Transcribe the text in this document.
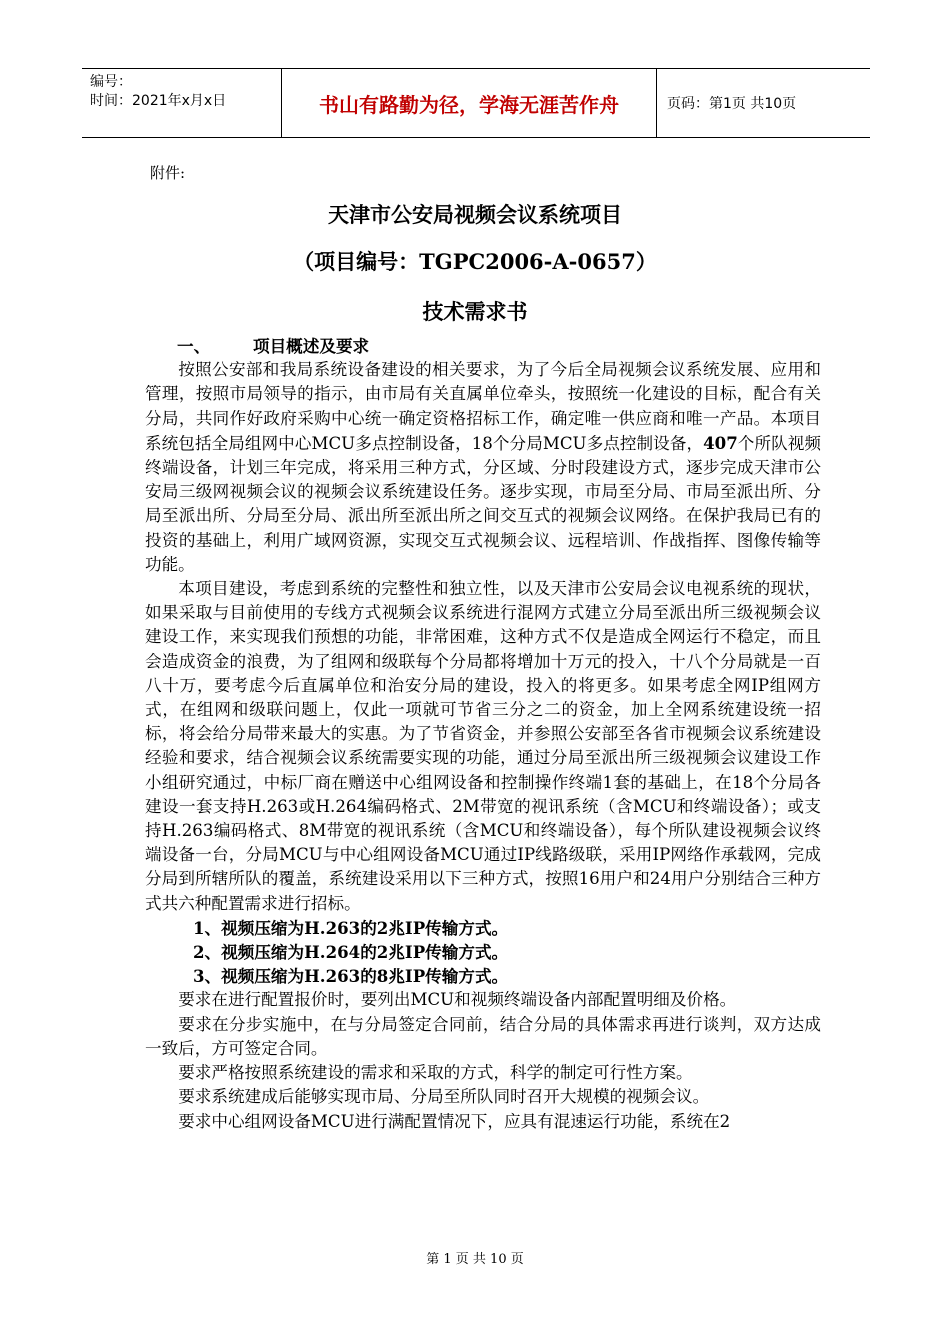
编号：
时间：2021年x月x日	书山有路勤为径，学海无涯苦作舟	页码：第1页 共10页
附件:
天津市公安局视频会议系统项目
（项目编号：TGPC2006-A-0657）
技术需求书

一、	项目概述及要求

按照公安部和我局系统设备建设的相关要求，为了今后全局视频会议系统发展、应用和管理，按照市局领导的指示，由市局有关直属单位牵头，按照统一化建设的目标，配合有关分局，共同作好政府采购中心统一确定资格招标工作，确定唯一供应商和唯一产品。本项目系统包括全局组网中心MCU多点控制设备，18个分局MCU多点控制设备，407个所队视频终端设备，计划三年完成，将采用三种方式，分区域、分时段建设方式，逐步完成天津市公安局三级网视频会议的视频会议系统建设任务。逐步实现，市局至分局、市局至派出所、分局至派出所、分局至分局、派出所至派出所之间交互式的视频会议网络。在保护我局已有的投资的基础上，利用广域网资源，实现交互式视频会议、远程培训、作战指挥、图像传输等功能。

本项目建设，考虑到系统的完整性和独立性，以及天津市公安局会议电视系统的现状，如果采取与目前使用的专线方式视频会议系统进行混网方式建立分局至派出所三级视频会议建设工作，来实现我们预想的功能，非常困难，这种方式不仅是造成全网运行不稳定，而且会造成资金的浪费，为了组网和级联每个分局都将增加十万元的投入，十八个分局就是一百八十万，要考虑今后直属单位和治安分局的建设，投入的将更多。如果考虑全网IP组网方式，在组网和级联问题上，仅此一项就可节省三分之二的资金，加上全网系统建设统一招标，将会给分局带来最大的实惠。为了节省资金，并参照公安部至各省市视频会议系统建设经验和要求，结合视频会议系统需要实现的功能，通过分局至派出所三级视频会议建设工作小组研究通过，中标厂商在赠送中心组网设备和控制操作终端1套的基础上，在18个分局各建设一套支持H.263或H.264编码格式、2M带宽的视讯系统（含MCU和终端设备）；或支持H.263编码格式、8M带宽的视讯系统（含MCU和终端设备），每个所队建设视频会议终端设备一台，分局MCU与中心组网设备MCU通过IP线路级联，采用IP网络作承载网，完成分局到所辖所队的覆盖，系统建设采用以下三种方式，按照16用户和24用户分别结合三种方式共六种配置需求进行招标。

1、视频压缩为H.263的2兆IP传输方式。

2、视频压缩为H.264的2兆IP传输方式。

3、视频压缩为H.263的8兆IP传输方式。

要求在进行配置报价时，要列出MCU和视频终端设备内部配置明细及价格。

要求在分步实施中，在与分局签定合同前，结合分局的具体需求再进行谈判，双方达成一致后，方可签定合同。

要求严格按照系统建设的需求和采取的方式，科学的制定可行性方案。

要求系统建成后能够实现市局、分局至所队同时召开大规模的视频会议。

要求中心组网设备MCU进行满配置情况下，应具有混速运行功能，系统在2

第 1 页 共 10 页
